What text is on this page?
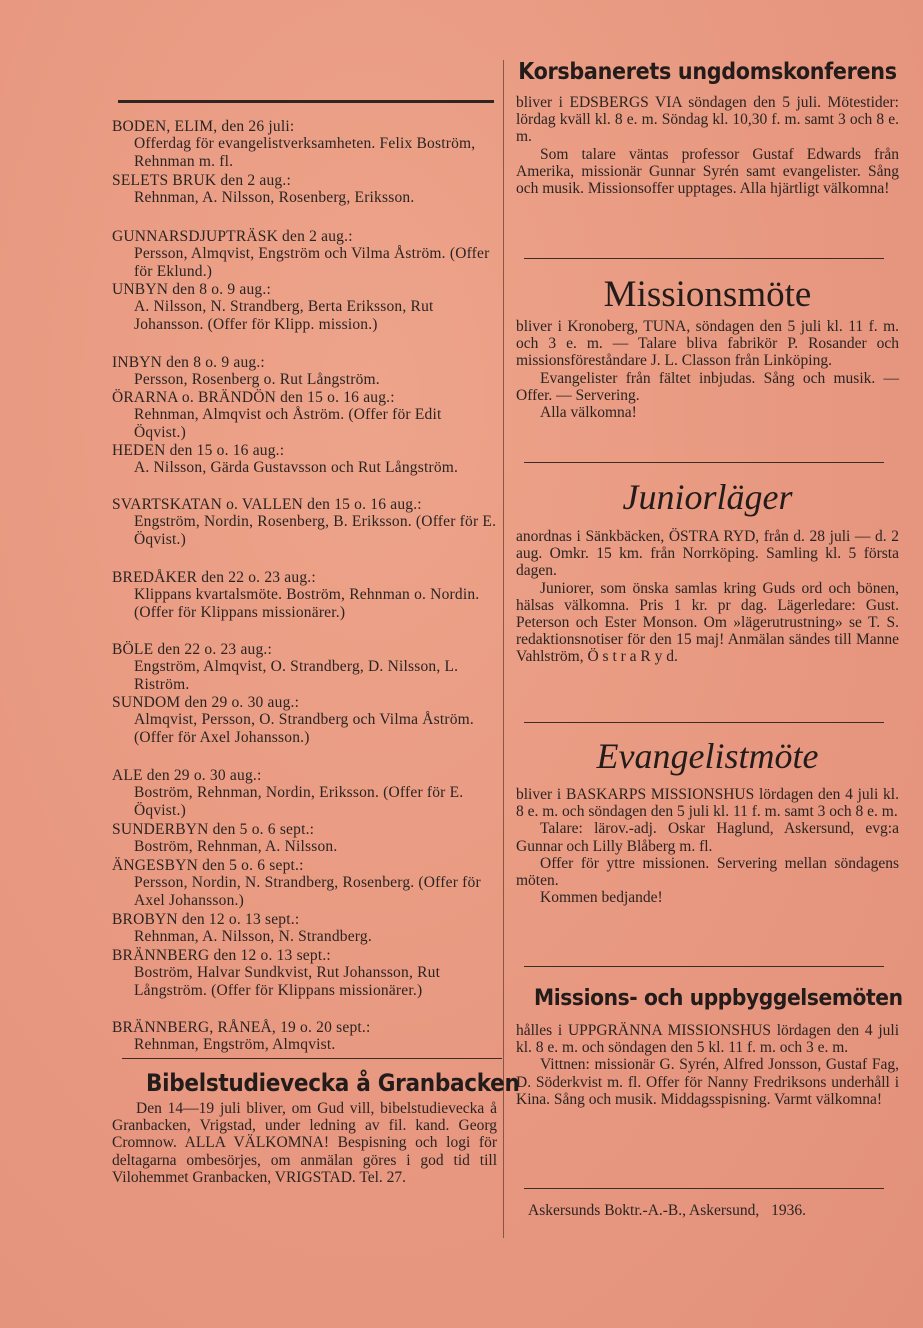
BODEN, ELIM, den 26 juli:
Offerdag för evangelistverksamheten. Felix Boström, Rehnman m. fl.
SELETS BRUK den 2 aug.:
Rehnman, A. Nilsson, Rosenberg, Eriksson.
GUNNARSDJUPTRÄSK den 2 aug.:
Persson, Almqvist, Engström och Vilma Åström. (Offer för Eklund.)
UNBYN den 8 o. 9 aug.:
A. Nilsson, N. Strandberg, Berta Eriksson, Rut Johansson. (Offer för Klipp. mission.)
INBYN den 8 o. 9 aug.:
Persson, Rosenberg o. Rut Långström.
ÖRARNA o. BRÄNDÖN den 15 o. 16 aug.:
Rehnman, Almqvist och Åström. (Offer för Edit Öqvist.)
HEDEN den 15 o. 16 aug.:
A. Nilsson, Gärda Gustavsson och Rut Långström.
SVARTSKATAN o. VALLEN den 15 o. 16 aug.:
Engström, Nordin, Rosenberg, B. Eriksson. (Offer för E. Öqvist.)
BREDÅKER den 22 o. 23 aug.:
Klippans kvartalsmöte. Boström, Rehnman o. Nordin. (Offer för Klippans missionärer.)
BÖLE den 22 o. 23 aug.:
Engström, Almqvist, O. Strandberg, D. Nilsson, L. Riström.
SUNDOM den 29 o. 30 aug.:
Almqvist, Persson, O. Strandberg och Vilma Åström. (Offer för Axel Johansson.)
ALE den 29 o. 30 aug.:
Boström, Rehnman, Nordin, Eriksson. (Offer för E. Öqvist.)
SUNDERBYN den 5 o. 6 sept.:
Boström, Rehnman, A. Nilsson.
ÄNGESBYN den 5 o. 6 sept.:
Persson, Nordin, N. Strandberg, Rosenberg. (Offer för Axel Johansson.)
BROBYN den 12 o. 13 sept.:
Rehnman, A. Nilsson, N. Strandberg.
BRÄNNBERG den 12 o. 13 sept.:
Boström, Halvar Sundkvist, Rut Johansson, Rut Långström. (Offer för Klippans missionärer.)
BRÄNNBERG, RÅNEÅ, 19 o. 20 sept.:
Rehnman, Engström, Almqvist.
Bibelstudievecka å Granbacken
Den 14—19 juli bliver, om Gud vill, bibelstudievecka å Granbacken, Vrigstad, under ledning av fil. kand. Georg Cromnow. ALLA VÄLKOMNA! Bespisning och logi för deltagarna ombesörjes, om anmälan göres i god tid till Vilohemmet Granbacken, VRIGSTAD. Tel. 27.
Korsbanerets ungdomskonferens
bliver i EDSBERGS VIA söndagen den 5 juli. Mötestider: lördag kväll kl. 8 e. m. Söndag kl. 10,30 f. m. samt 3 och 8 e. m.
Som talare väntas professor Gustaf Edwards från Amerika, missionär Gunnar Syrén samt evangelister. Sång och musik. Missionsoffer upptages. Alla hjärtligt välkomna!
Missionsmöte
bliver i Kronoberg, TUNA, söndagen den 5 juli kl. 11 f. m. och 3 e. m. — Talare bliva fabrikör P. Rosander och missionsföreståndare J. L. Classon från Linköping.
Evangelister från fältet inbjudas. Sång och musik. — Offer. — Servering.
Alla välkomna!
Juniorläger
anordnas i Sänkbäcken, ÖSTRA RYD, från d. 28 juli — d. 2 aug. Omkr. 15 km. från Norrköping. Samling kl. 5 första dagen.
Juniorer, som önska samlas kring Guds ord och bönen, hälsas välkomna. Pris 1 kr. pr dag. Lägerledare: Gust. Peterson och Ester Monson. Om »lägerutrustning» se T. S. redaktionsnotiser för den 15 maj! Anmälan sändes till Manne Vahlström, Ö s t r a R y d.
Evangelistmöte
bliver i BASKARPS MISSIONSHUS lördagen den 4 juli kl. 8 e. m. och söndagen den 5 juli kl. 11 f. m. samt 3 och 8 e. m.
Talare: lärov.-adj. Oskar Haglund, Askersund, evg:a Gunnar och Lilly Blåberg m. fl.
Offer för yttre missionen. Servering mellan söndagens möten.
Kommen bedjande!
Missions- och uppbyggelsemöten
hålles i UPPGRÄNNA MISSIONSHUS lördagen den 4 juli kl. 8 e. m. och söndagen den 5 kl. 11 f. m. och 3 e. m.
Vittnen: missionär G. Syrén, Alfred Jonsson, Gustaf Fag, D. Söderkvist m. fl. Offer för Nanny Fredriksons underhåll i Kina. Sång och musik. Middagsspisning. Varmt välkomna!
Askersunds Boktr.-A.-B., Askersund, 1936.
